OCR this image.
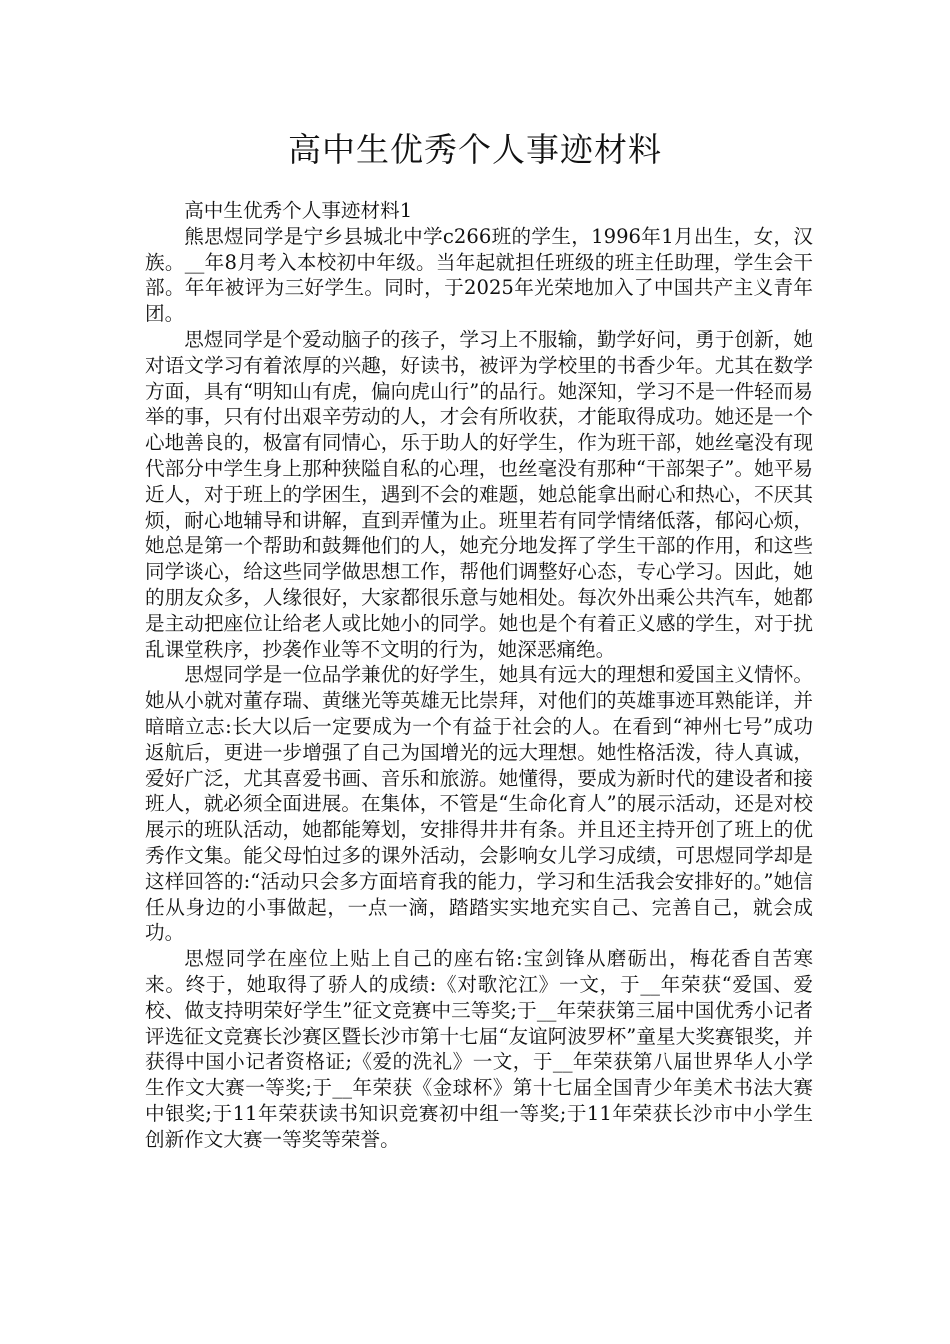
高中生优秀个人事迹材料

高中生优秀个人事迹材料1

熊思煜同学是宁乡县城北中学c266班的学生，1996年1月出生，女，汉族。__年8月考入本校初中年级。当年起就担任班级的班主任助理，学生会干部。年年被评为三好学生。同时，于2025年光荣地加入了中国共产主义青年团。

思煜同学是个爱动脑子的孩子，学习上不服输，勤学好问，勇于创新，她对语文学习有着浓厚的兴趣，好读书，被评为学校里的书香少年。尤其在数学方面，具有“明知山有虎，偏向虎山行”的品行。她深知，学习不是一件轻而易举的事，只有付出艰辛劳动的人，才会有所收获，才能取得成功。她还是一个心地善良的，极富有同情心，乐于助人的好学生，作为班干部，她丝毫没有现代部分中学生身上那种狭隘自私的心理，也丝毫没有那种“干部架子”。她平易近人，对于班上的学困生，遇到不会的难题，她总能拿出耐心和热心，不厌其烦，耐心地辅导和讲解，直到弄懂为止。班里若有同学情绪低落，郁闷心烦，她总是第一个帮助和鼓舞他们的人，她充分地发挥了学生干部的作用，和这些同学谈心，给这些同学做思想工作，帮他们调整好心态，专心学习。因此，她的朋友众多，人缘很好，大家都很乐意与她相处。每次外出乘公共汽车，她都是主动把座位让给老人或比她小的同学。她也是个有着正义感的学生，对于扰乱课堂秩序，抄袭作业等不文明的行为，她深恶痛绝。

思煜同学是一位品学兼优的好学生，她具有远大的理想和爱国主义情怀。她从小就对董存瑞、黄继光等英雄无比崇拜，对他们的英雄事迹耳熟能详，并暗暗立志:长大以后一定要成为一个有益于社会的人。在看到“神州七号”成功返航后，更进一步增强了自己为国增光的远大理想。她性格活泼，待人真诚，爱好广泛，尤其喜爱书画、音乐和旅游。她懂得，要成为新时代的建设者和接班人，就必须全面进展。在集体，不管是“生命化育人”的展示活动，还是对校展示的班队活动，她都能筹划，安排得井井有条。并且还主持开创了班上的优秀作文集。能父母怕过多的课外活动，会影响女儿学习成绩，可思煜同学却是这样回答的:“活动只会多方面培育我的能力，学习和生活我会安排好的。”她信任从身边的小事做起，一点一滴，踏踏实实地充实自己、完善自己，就会成功。

思煜同学在座位上贴上自己的座右铭:宝剑锋从磨砺出，梅花香自苦寒来。终于，她取得了骄人的成绩:《对歌沱江》一文，于__年荣获“爱国、爱校、做支持明荣好学生”征文竞赛中三等奖;于__年荣获第三届中国优秀小记者评选征文竞赛长沙赛区暨长沙市第十七届“友谊阿波罗杯”童星大奖赛银奖，并获得中国小记者资格证;《爱的洗礼》一文，于__年荣获第八届世界华人小学生作文大赛一等奖;于__年荣获《金球杯》第十七届全国青少年美术书法大赛中银奖;于11年荣获读书知识竞赛初中组一等奖;于11年荣获长沙市中小学生创新作文大赛一等奖等荣誉。
